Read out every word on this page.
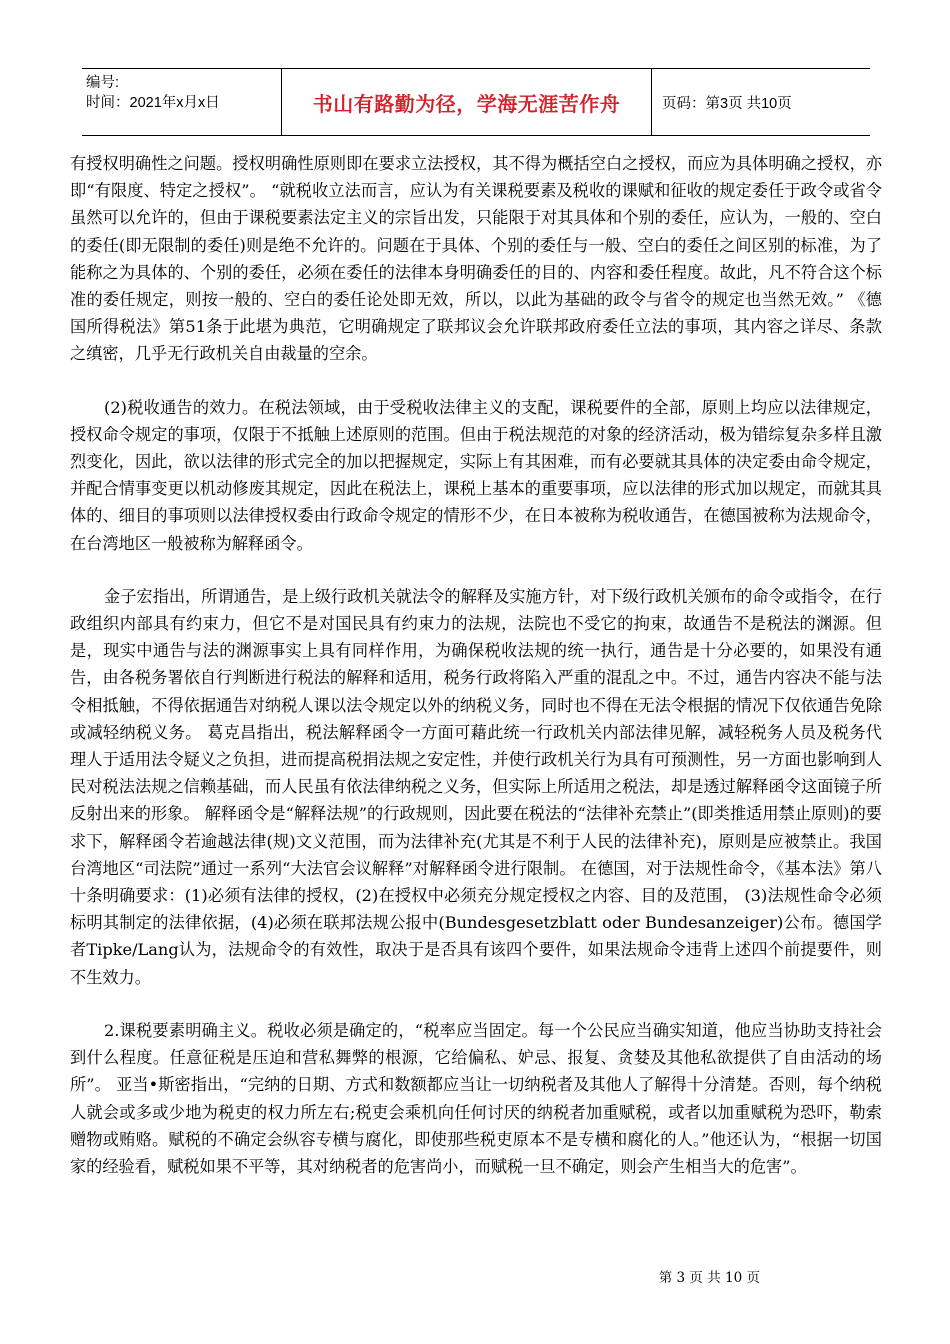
编号:
时间：2021年x月x日	书山有路勤为径，学海无涯苦作舟	页码：第3页 共10页

有授权明确性之问题。授权明确性原则即在要求立法授权，其不得为概括空白之授权，而应为具体明确之授权，亦即“有限度、特定之授权”。 “就税收立法而言，应认为有关课税要素及税收的课赋和征收的规定委任于政令或省令虽然可以允许的，但由于课税要素法定主义的宗旨出发，只能限于对其具体和个别的委任，应认为，一般的、空白的委任(即无限制的委任)则是绝不允许的。问题在于具体、个别的委任与一般、空白的委任之间区别的标准，为了能称之为具体的、个别的委任，必须在委任的法律本身明确委任的目的、内容和委任程度。故此，凡不符合这个标准的委任规定，则按一般的、空白的委任论处即无效，所以，以此为基础的政令与省令的规定也当然无效。” 《德国所得税法》第51条于此堪为典范，它明确规定了联邦议会允许联邦政府委任立法的事项，其内容之详尽、条款之缜密，几乎无行政机关自由裁量的空余。

(2)税收通告的效力。在税法领域，由于受税收法律主义的支配，课税要件的全部，原则上均应以法律规定，授权命令规定的事项，仅限于不抵触上述原则的范围。但由于税法规范的对象的经济活动，极为错综复杂多样且激烈变化，因此，欲以法律的形式完全的加以把握规定，实际上有其困难，而有必要就其具体的决定委由命令规定，并配合情事变更以机动修废其规定，因此在税法上，课税上基本的重要事项，应以法律的形式加以规定，而就其具体的、细目的事项则以法律授权委由行政命令规定的情形不少，在日本被称为税收通告，在德国被称为法规命令，在台湾地区一般被称为解释函令。

金子宏指出，所谓通告，是上级行政机关就法令的解释及实施方针，对下级行政机关颁布的命令或指令，在行政组织内部具有约束力，但它不是对国民具有约束力的法规，法院也不受它的拘束，故通告不是税法的渊源。但是，现实中通告与法的渊源事实上具有同样作用，为确保税收法规的统一执行，通告是十分必要的，如果没有通告，由各税务署依自行判断进行税法的解释和适用，税务行政将陷入严重的混乱之中。不过，通告内容决不能与法令相抵触，不得依据通告对纳税人课以法令规定以外的纳税义务，同时也不得在无法令根据的情况下仅依通告免除或减轻纳税义务。 葛克昌指出，税法解释函令一方面可藉此统一行政机关内部法律见解，减轻税务人员及税务代理人于适用法令疑义之负担，进而提高税捐法规之安定性，并使行政机关行为具有可预测性，另一方面也影响到人民对税法法规之信赖基础，而人民虽有依法律纳税之义务，但实际上所适用之税法，却是透过解释函令这面镜子所反射出来的形象。 解释函令是“解释法规”的行政规则，因此要在税法的“法律补充禁止”(即类推适用禁止原则)的要求下，解释函令若逾越法律(规)文义范围，而为法律补充(尤其是不利于人民的法律补充)，原则是应被禁止。我国台湾地区“司法院”通过一系列“大法官会议解释”对解释函令进行限制。 在德国，对于法规性命令，《基本法》第八十条明确要求：(1)必须有法律的授权，(2)在授权中必须充分规定授权之内容、目的及范围， (3)法规性命令必须标明其制定的法律依据，(4)必须在联邦法规公报中(Bundesgesetzblatt oder Bundesanzeiger)公布。德国学者Tipke/Lang认为，法规命令的有效性，取决于是否具有该四个要件，如果法规命令违背上述四个前提要件，则不生效力。

2.课税要素明确主义。税收必须是确定的，“税率应当固定。每一个公民应当确实知道，他应当协助支持社会到什么程度。任意征税是压迫和营私舞弊的根源，它给偏私、妒忌、报复、贪婪及其他私欲提供了自由活动的场所”。 亚当•斯密指出，“完纳的日期、方式和数额都应当让一切纳税者及其他人了解得十分清楚。否则，每个纳税人就会或多或少地为税吏的权力所左右;税吏会乘机向任何讨厌的纳税者加重赋税，或者以加重赋税为恐吓，勒索赠物或贿赂。赋税的不确定会纵容专横与腐化，即使那些税吏原本不是专横和腐化的人。”他还认为，“根据一切国家的经验看，赋税如果不平等，其对纳税者的危害尚小，而赋税一旦不确定，则会产生相当大的危害”。

第 3 页 共 10 页
